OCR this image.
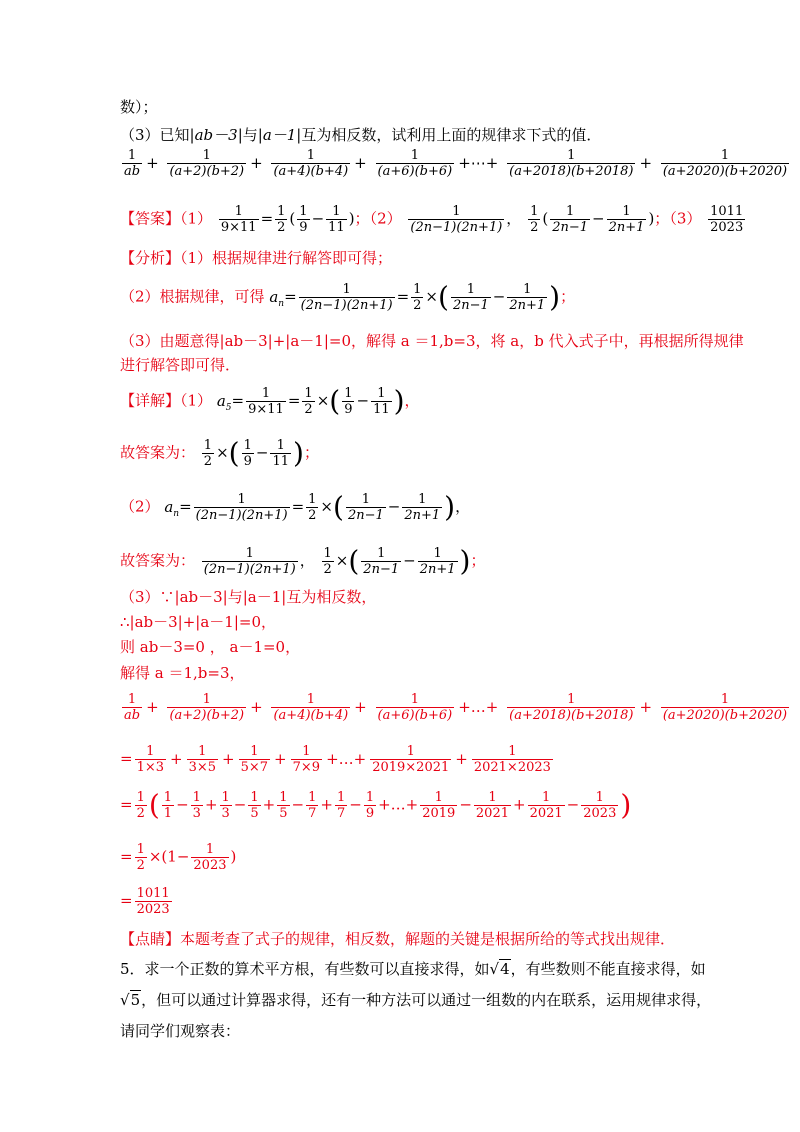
数）；
（3）已知|ab－3|与|a－1|互为相反数，试利用上面的规律求下式的值．
$\frac{1}{ab} + \frac{1}{(a+2)(b+2)} + \frac{1}{(a+4)(b+4)} + \frac{1}{(a+6)(b+6)}$ +⋯+ $\frac{1}{(a+2018)(b+2018)} + \frac{1}{(a+2020)(b+2020)}$
【答案】$(1) \frac{1}{9\times 11} = \frac{1}{2}$ ( $\frac{1}{9} - \frac{1}{11}$ )；$(2) \frac{1}{(2n-1)(2n+1)}$ ， $\frac{1}{2}$ ( $\frac{1}{2n-1} - \frac{1}{2n+1}$ )；$(3) \frac{1011}{2023}$
【分析】（1）根据规律进行解答即可得；
（2）根据规律，可得 $a_n= \frac{1}{(2n-1)(2n+1)} = \frac{1}{2}$ ×( $\frac{1}{2n-1} - \frac{1}{2n+1}$ )；
（3）由题意得|ab－3|+|a－1|=0，解得 a ＝1,b=3，将 a，b 代入式子中，再根据所得规律
进行解答即可得．
【详解】（1） $a_5= \frac{1}{9\times 11} = \frac{1}{2}$ ×( $\frac{1}{9} - \frac{1}{11}$ )，
故答案为： $\frac{1}{2}$ ×( $\frac{1}{9} - \frac{1}{11}$ )；
（2） $a_n= \frac{1}{(2n-1)(2n+1)} = \frac{1}{2}$ ×( $\frac{1}{2n-1} - \frac{1}{2n+1}$ )，
故答案为： $\frac{1}{(2n-1)(2n+1)}$ ， $\frac{1}{2}$ ×( $\frac{1}{2n-1} - \frac{1}{2n+1}$ )；
（3）∵|ab－3|与|a－1|互为相反数，
∴|ab－3|+|a－1|=0，
则 ab－3=0 ， a－1=0，
解得 a ＝1,b=3，
$\frac{1}{ab} + \frac{1}{(a+2)(b+2)} + \frac{1}{(a+4)(b+4)} + \frac{1}{(a+6)(b+6)}$ +…+ $\frac{1}{(a+2018)(b+2018)} + \frac{1}{(a+2020)(b+2020)}$
= $\frac{1}{1\times 3} + \frac{1}{3\times 5} + \frac{1}{5\times 7} + \frac{1}{7\times 9}$ +…+ $\frac{1}{2019\times 2021} + \frac{1}{2021\times 2023}$
= $\frac{1}{2}$ ( $\frac{1}{1} - \frac{1}{3} + \frac{1}{3} - \frac{1}{5} + \frac{1}{5} - \frac{1}{7} + \frac{1}{7} - \frac{1}{9}$ +…+ $\frac{1}{2019} - \frac{1}{2021} + \frac{1}{2021} - \frac{1}{2023}$ )
= $\frac{1}{2} \times(1- \frac{1}{2023}$ )
= $\frac{1011}{2023}$
【点睛】本题考查了式子的规律，相反数，解题的关键是根据所给的等式找出规律．
5．求一个正数的算术平方根，有些数可以直接求得，如√4，有些数则不能直接求得，如
√5，但可以通过计算器求得，还有一种方法可以通过一组数的内在联系，运用规律求得，
请同学们观察表：
